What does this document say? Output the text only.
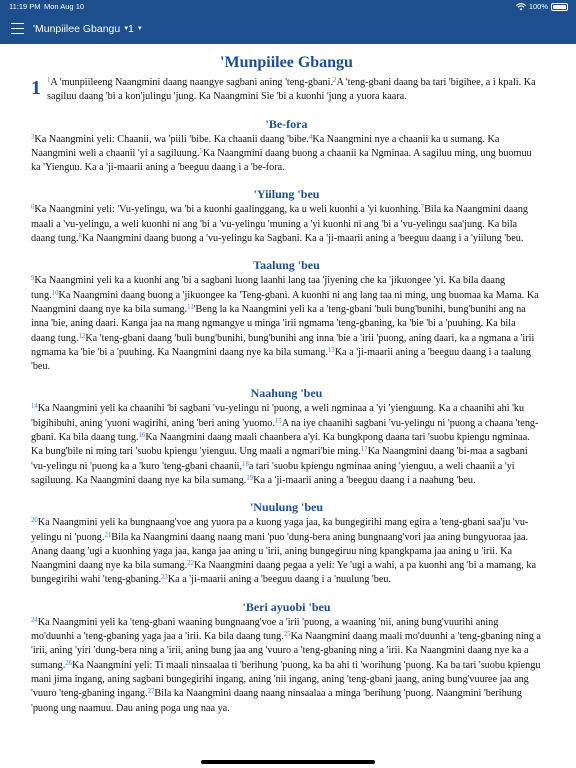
11:19 PM Mon Aug 10	100%
'Munpiilee Gbangu ▼
1 ▼
'Munpiilee Gbangu

1 $^1$A 'munpiileeng Naangmini daang naangye sagbani aning 'teng-gbani.$^2$A 'teng-gbani daang ba tari 'bigihee, a i kpali. Ka sagiluu daang 'bi a kon'julingu 'jung. Ka Naangmini Sie 'bi a kuonhi 'jung a yuora kaara.

'Be-fora

$^3$Ka Naangmini yeli: Chaanii, wa 'piili 'bibe. Ka chaanii daang 'bibe.$^4$Ka Naangmini nye a chaanii ka u sumang. Ka Naangmini weli a chaanii 'yi a sagiluung.$^5$Ka Naangmini daang buong a chaanii ka Ngminaa. A sagiluu ming, ung buomuu ka 'Yienguu. Ka a 'ji-maarii aning a 'beeguu daang i a 'be-fora.

'Yiilung 'beu

$^6$Ka Naangmini yeli: 'Vu-yelingu, wa 'bi a kuonhi gaalinggang, ka u weli kuonhi a 'yi kuonhing.$^7$Bila ka Naangmini daang maali a 'vu-yelingu, a weli kuonhi ni ang 'bi a 'vu-yelingu 'muning a 'yi kuonhi ni ang 'bi a 'vu-yelingu saa'jung. Ka bila daang tung.$^8$Ka Naangmini daang buong a 'vu-yelingu ka Sagbani. Ka a 'ji-maarii aning a 'beeguu daang i a 'yiilung 'beu.

Taalung 'beu

$^9$Ka Naangmini yeli ka a kuonhi ang 'bi a sagbani luong laanhi lang taa 'jiyening che ka 'jikuongee 'yi. Ka bila daang tung.$^{10}$Ka Naangmini daang buong a 'jikuongee ka 'Teng-gbani. A kuonhi ni ang lang taa ni ming, ung buomaa ka Mama. Ka Naangmini daang nye ka bila sumang.$^{11}$'Beng la ka Naangmini yeli ka a 'teng-gbani 'buli bung'bunihi, bung'bunihi ang na inna 'bie, aning daari. Kanga jaa na mang ngmangye u minga 'irii ngmama 'teng-gbaning, ka 'bie 'bi a 'puuhing. Ka bila daang tung.$^{12}$Ka 'teng-gbani daang 'buli bung'bunihi, bung'bunihi ang inna 'bie a 'irii 'puong, aning daari, ka a ngmana a 'irii ngmama ka 'bie 'bi a 'puuhing. Ka Naangmini daang nye ka bila sumang.$^{13}$Ka a 'ji-maarii aning a 'beeguu daang i a taalung 'beu.

Naahung 'beu

$^{14}$Ka Naangmini yeli ka chaanihi 'bi sagbani 'vu-yelingu ni 'puong, a weli ngminaa a 'yi 'yienguung. Ka a chaanihi ahi 'ku 'bigihibuhi, aning 'yuoni wagirihi, aning 'beri aning 'yuomo.$^{15}$A na iye chaanihi sagbani 'vu-yelingu ni 'puong a chaana 'teng-gbani. Ka bila daang tung.$^{16}$Ka Naangmini daang maali chaanbera a'yi. Ka bungkpong daana tari 'suobu kpiengu ngminaa. Ka bung'bile ni ming tari 'suobu kpiengu 'yienguu. Ung maali a ngmari'bie ming.$^{17}$Ka Naangmini daang 'bi-maa a sagbani 'vu-yelingu ni 'puong ka a 'kuro 'teng-gbani chaanii,$^{18}$a tari 'suobu kpiengu ngminaa aning 'yienguu, a weli chaanii a 'yi sagiluung. Ka Naangmini daang nye ka bila sumang.$^{19}$Ka a 'ji-maarii aning a 'beeguu daang i a naahung 'beu.

'Nuulung 'beu

$^{20}$Ka Naangmini yeli ka bungnaang'voe ang yuora pa a kuong yaga jaa, ka bungegirihi mang egira a 'teng-gbani saa'ju 'vu-yelingu ni 'puong.$^{21}$Bila ka Naangmini daang naang mani 'puo 'dung-bera aning bungnaang'vori jaa aning bungyuoraa jaa. Anang daang 'ugi a kuonhing yaga jaa, kanga jaa aning u 'irii, aning bungegiruu ning kpangkpama jaa aning u 'irii. Ka Naangmini daang nye ka bila sumang.$^{22}$Ka Naangmini daang pegaa a yeli: Ye 'ugi a wahi, a pa kuonhi ang 'bi a mamang, ka bungegirihi wahi 'teng-gbaning.$^{23}$Ka a 'ji-maarii aning a 'beeguu daang i a 'nuulung 'beu.

'Beri ayuobi 'beu

$^{24}$Ka Naangmini yeli ka 'teng-gbani waaning bungnaang'voe a 'irii 'puong, a waaning 'nii, aning bung'vuurihi aning mo'duunhi a 'teng-gbaning yaga jaa a 'irii. Ka bila daang tung.$^{25}$Ka Naangmini daang maali mo'duunhi a 'teng-gbaning ning a 'irii, aning 'yiri 'dung-bera ning a 'irii, aning bung jaa ang 'vuuro a 'teng-gbaning ning a 'irii. Ka Naangmini daang nye ka a sumang.$^{26}$Ka Naangmini yeli: Ti maali ninsaalaa ti 'berihung 'puong, ka ba ahi ti 'worihung 'puong. Ka ba tari 'suobu kpiengu mani jima ingang, aning sagbani bungegirihi ingang, aning 'nii ingang, aning 'teng-gbani jaang, aning bung'vuuree jaa ang 'vuuro 'teng-gbaning ingang.$^{27}$Bila ka Naangmini daang naang ninsaalaa a minga 'berihung 'puong. Naangmini 'berihung 'puong ung naamuu. Dau aning poga ung naa ya.
